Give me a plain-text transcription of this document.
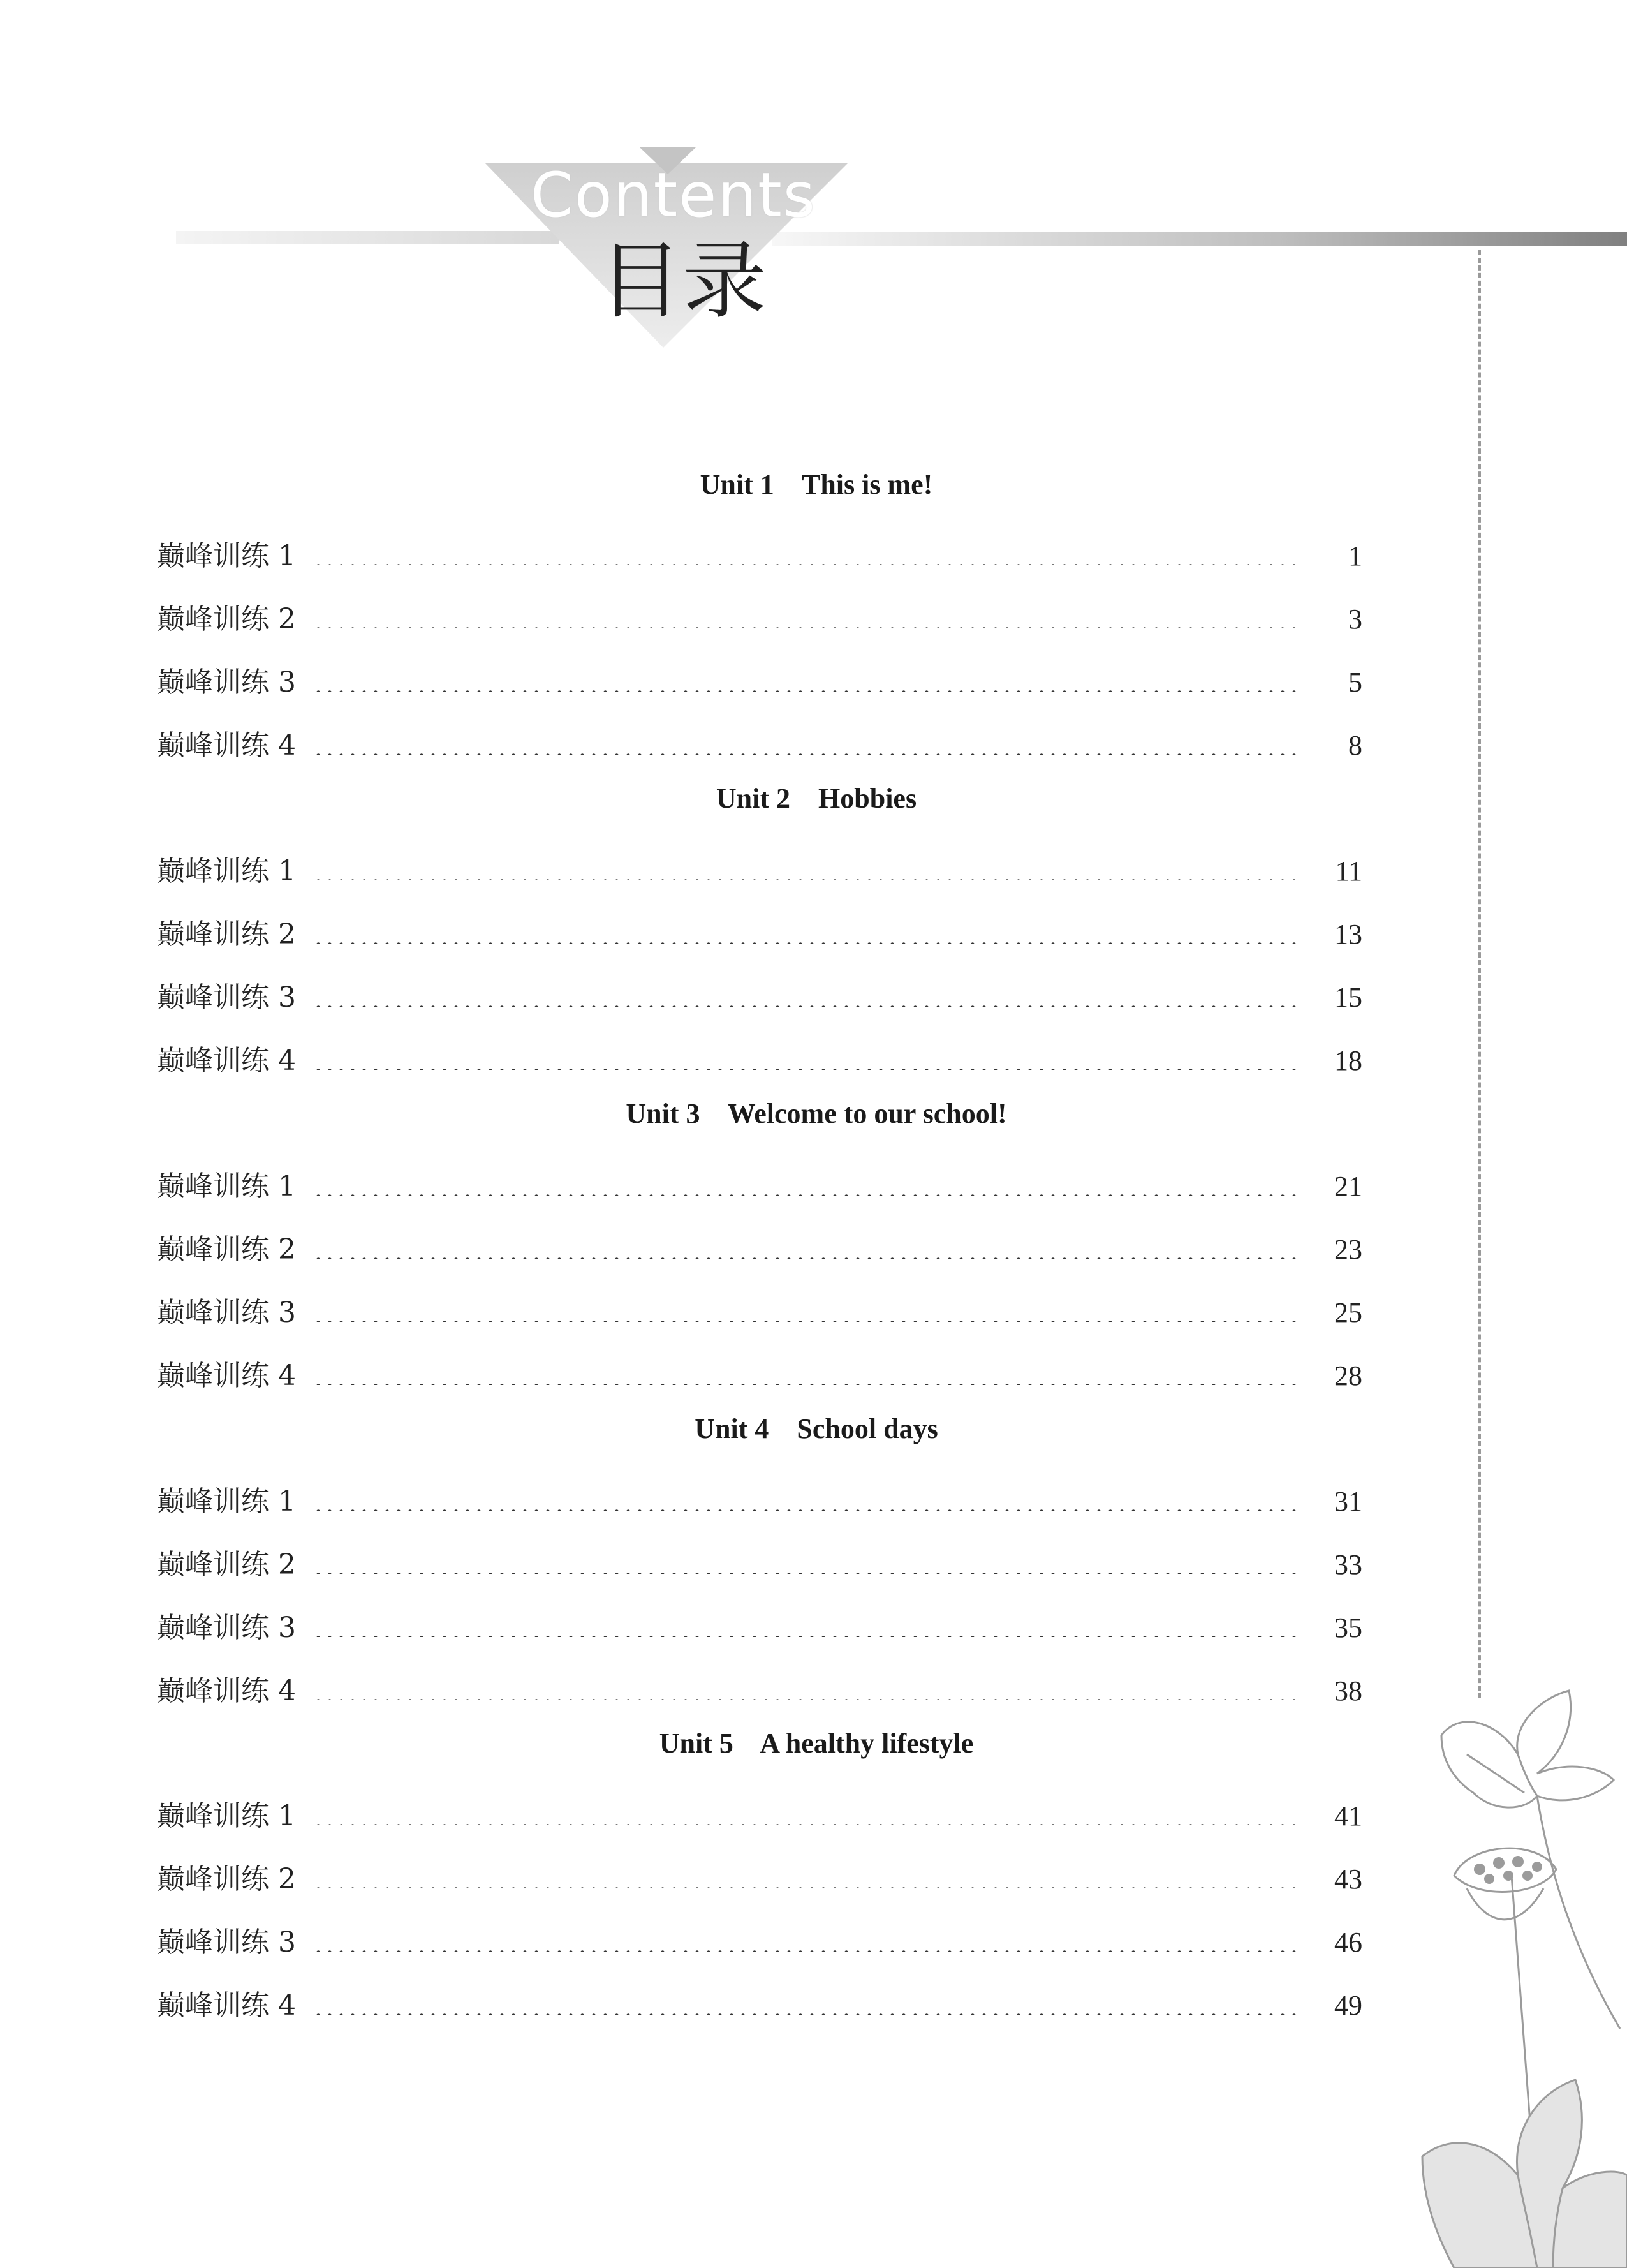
Contents
目录
Unit 1    This is me!
巅峰训练 1	1
巅峰训练 2	3
巅峰训练 3	5
巅峰训练 4	8
Unit 2    Hobbies
巅峰训练 1	11
巅峰训练 2	13
巅峰训练 3	15
巅峰训练 4	18
Unit 3    Welcome to our school!
巅峰训练 1	21
巅峰训练 2	23
巅峰训练 3	25
巅峰训练 4	28
Unit 4    School days
巅峰训练 1	31
巅峰训练 2	33
巅峰训练 3	35
巅峰训练 4	38
Unit 5    A healthy lifestyle
巅峰训练 1	41
巅峰训练 2	43
巅峰训练 3	46
巅峰训练 4	49
